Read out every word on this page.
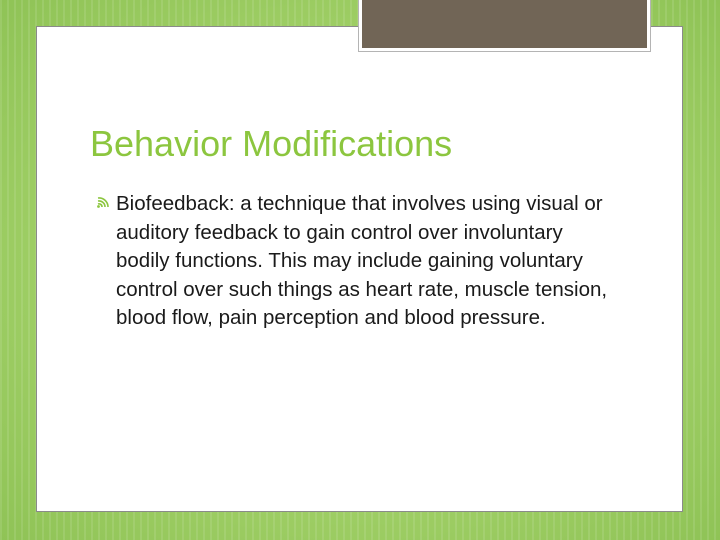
Behavior Modifications

Biofeedback: a technique that involves using visual or auditory feedback to gain control over involuntary bodily functions. This may include gaining voluntary control over such things as heart rate, muscle tension, blood flow, pain perception and blood pressure.
